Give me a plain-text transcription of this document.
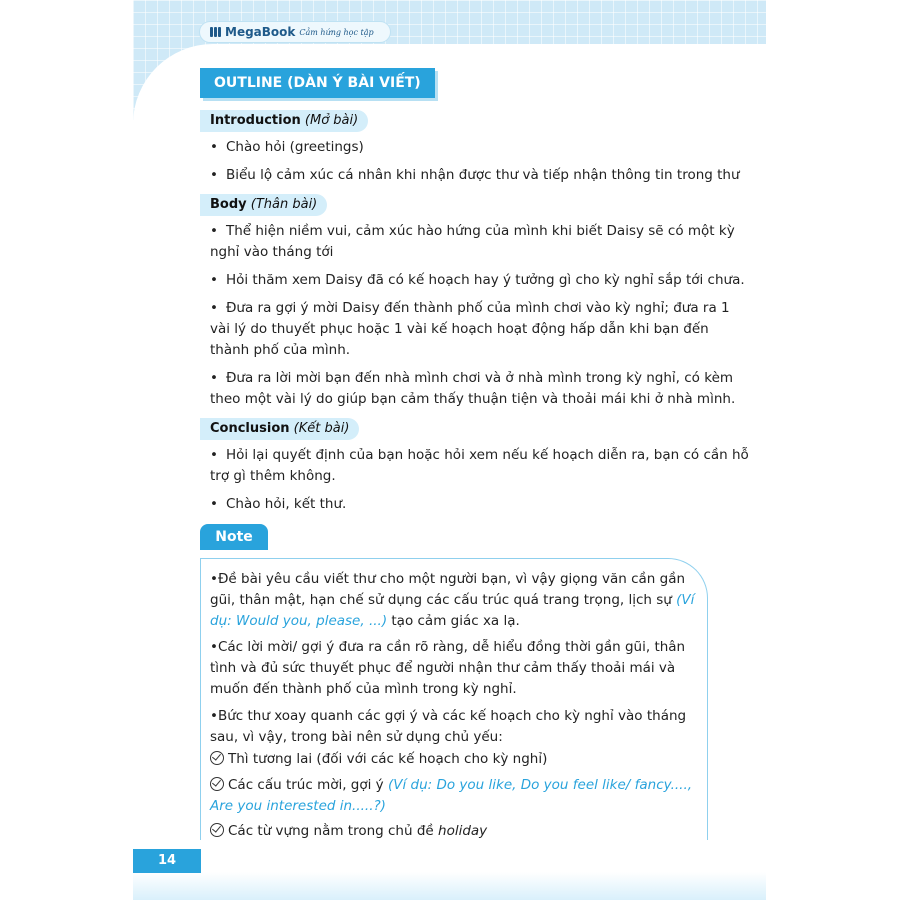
MegaBook Cảm hứng học tập
OUTLINE (DÀN Ý BÀI VIẾT)
Introduction (Mở bài)
• Chào hỏi (greetings)
• Biểu lộ cảm xúc cá nhân khi nhận được thư và tiếp nhận thông tin trong thư
Body (Thân bài)
• Thể hiện niềm vui, cảm xúc hào hứng của mình khi biết Daisy sẽ có một kỳ nghỉ vào tháng tới
• Hỏi thăm xem Daisy đã có kế hoạch hay ý tưởng gì cho kỳ nghỉ sắp tới chưa.
• Đưa ra gợi ý mời Daisy đến thành phố của mình chơi vào kỳ nghỉ; đưa ra 1 vài lý do thuyết phục hoặc 1 vài kế hoạch hoạt động hấp dẫn khi bạn đến thành phố của mình.
• Đưa ra lời mời bạn đến nhà mình chơi và ở nhà mình trong kỳ nghỉ, có kèm theo một vài lý do giúp bạn cảm thấy thuận tiện và thoải mái khi ở nhà mình.
Conclusion (Kết bài)
• Hỏi lại quyết định của bạn hoặc hỏi xem nếu kế hoạch diễn ra, bạn có cần hỗ trợ gì thêm không.
• Chào hỏi, kết thư.
Note
•Đề bài yêu cầu viết thư cho một người bạn, vì vậy giọng văn cần gần gũi, thân mật, hạn chế sử dụng các cấu trúc quá trang trọng, lịch sự (Ví dụ: Would you, please, ...) tạo cảm giác xa lạ.
•Các lời mời/ gợi ý đưa ra cần rõ ràng, dễ hiểu đồng thời gần gũi, thân tình và đủ sức thuyết phục để người nhận thư cảm thấy thoải mái và muốn đến thành phố của mình trong kỳ nghỉ.
•Bức thư xoay quanh các gợi ý và các kế hoạch cho kỳ nghỉ vào tháng sau, vì vậy, trong bài nên sử dụng chủ yếu:
Thì tương lai (đối với các kế hoạch cho kỳ nghỉ)
Các cấu trúc mời, gợi ý (Ví dụ: Do you like, Do you feel like/ fancy...., Are you interested in.....?)
Các từ vựng nằm trong chủ đề holiday
14
